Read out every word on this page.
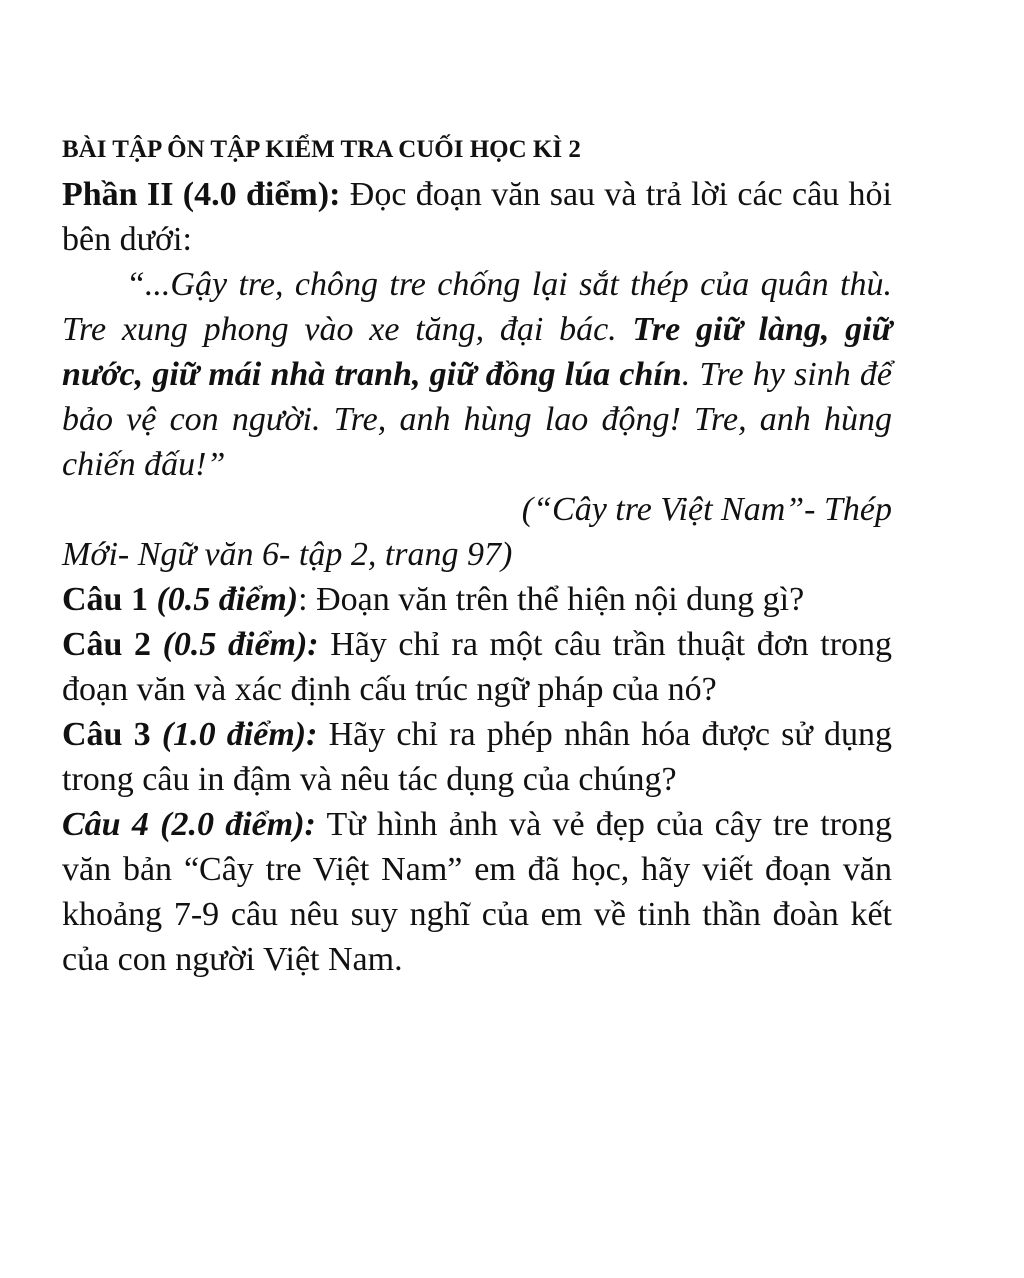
BÀI TẬP ÔN TẬP KIỂM TRA CUỐI HỌC KÌ 2

Phần II (4.0 điểm): Đọc đoạn văn sau và trả lời các câu hỏi bên dưới:

“...Gậy tre, chông tre chống lại sắt thép của quân thù. Tre xung phong vào xe tăng, đại bác. Tre giữ làng, giữ nước, giữ mái nhà tranh, giữ đồng lúa chín. Tre hy sinh để bảo vệ con người. Tre, anh hùng lao động! Tre, anh hùng chiến đấu!”

(“Cây tre Việt Nam”- Thép

Mới- Ngữ văn 6- tập 2, trang 97)

Câu 1 (0.5 điểm): Đoạn văn trên thể hiện nội dung gì?

Câu 2 (0.5 điểm): Hãy chỉ ra một câu trần thuật đơn trong đoạn văn và xác định cấu trúc ngữ pháp của nó?

Câu 3 (1.0 điểm): Hãy chỉ ra phép nhân hóa được sử dụng trong câu in đậm và nêu tác dụng của chúng?

Câu 4 (2.0 điểm): Từ hình ảnh và vẻ đẹp của cây tre trong văn bản “Cây tre Việt Nam” em đã học, hãy viết đoạn văn khoảng 7-9 câu nêu suy nghĩ của em về tinh thần đoàn kết của con người Việt Nam.
